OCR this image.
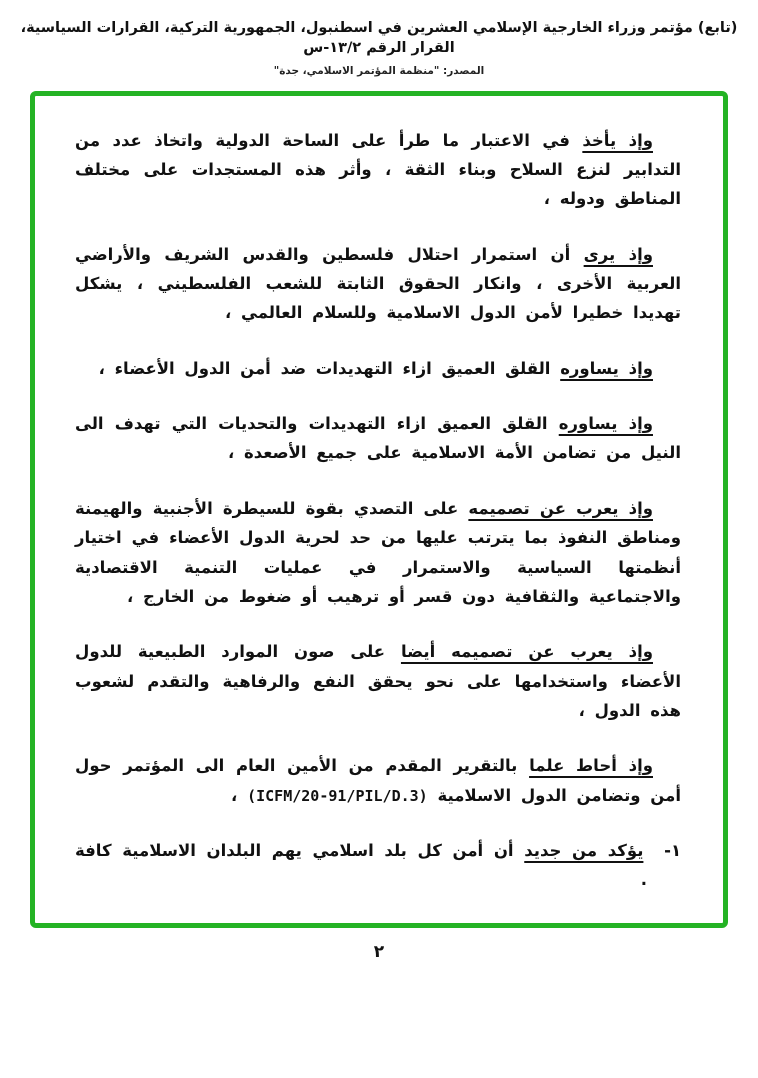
(تابع) مؤتمر وزراء الخارجية الإسلامي العشرين في اسطنبول، الجمهورية التركية، القرارات السياسية، القرار الرقم ١٣/٢-س
المصدر: "منظمة المؤتمر الاسلامي، جدة"

وإذ يأخذ في الاعتبار ما طرأ على الساحة الدولية واتخاذ عدد من التدابير لنزع السلاح وبناء الثقة ، وأثر هذه المستجدات على مختلف المناطق ودوله ،

وإذ يرى أن استمرار احتلال فلسطين والقدس الشريف والأراضي العربية الأخرى ، وانكار الحقوق الثابتة للشعب الفلسطيني ، يشكل تهديدا خطيرا لأمن الدول الاسلامية وللسلام العالمي ،

وإذ يساوره القلق العميق ازاء التهديدات ضد أمن الدول الأعضاء ،

وإذ يساوره القلق العميق ازاء التهديدات والتحديات التي تهدف الى النيل من تضامن الأمة الاسلامية على جميع الأصعدة ،

وإذ يعرب عن تصميمه على التصدي بقوة للسيطرة الأجنبية والهيمنة ومناطق النفوذ بما يترتب عليها من حد لحرية الدول الأعضاء في اختيار أنظمتها السياسية والاستمرار في عمليات التنمية الاقتصادية والاجتماعية والثقافية دون قسر أو ترهيب أو ضغوط من الخارج ،

وإذ يعرب عن تصميمه أيضا على صون الموارد الطبيعية للدول الأعضاء واستخدامها على نحو يحقق النفع والرفاهية والتقدم لشعوب هذه الدول ،

وإذ أحاط علما بالتقرير المقدم من الأمين العام الى المؤتمر حول أمن وتضامن الدول الاسلامية (ICFM/20-91/PIL/D.3) ،

١- يؤكد من جديد أن أمن كل بلد اسلامي يهم البلدان الاسلامية كافة .

٢
